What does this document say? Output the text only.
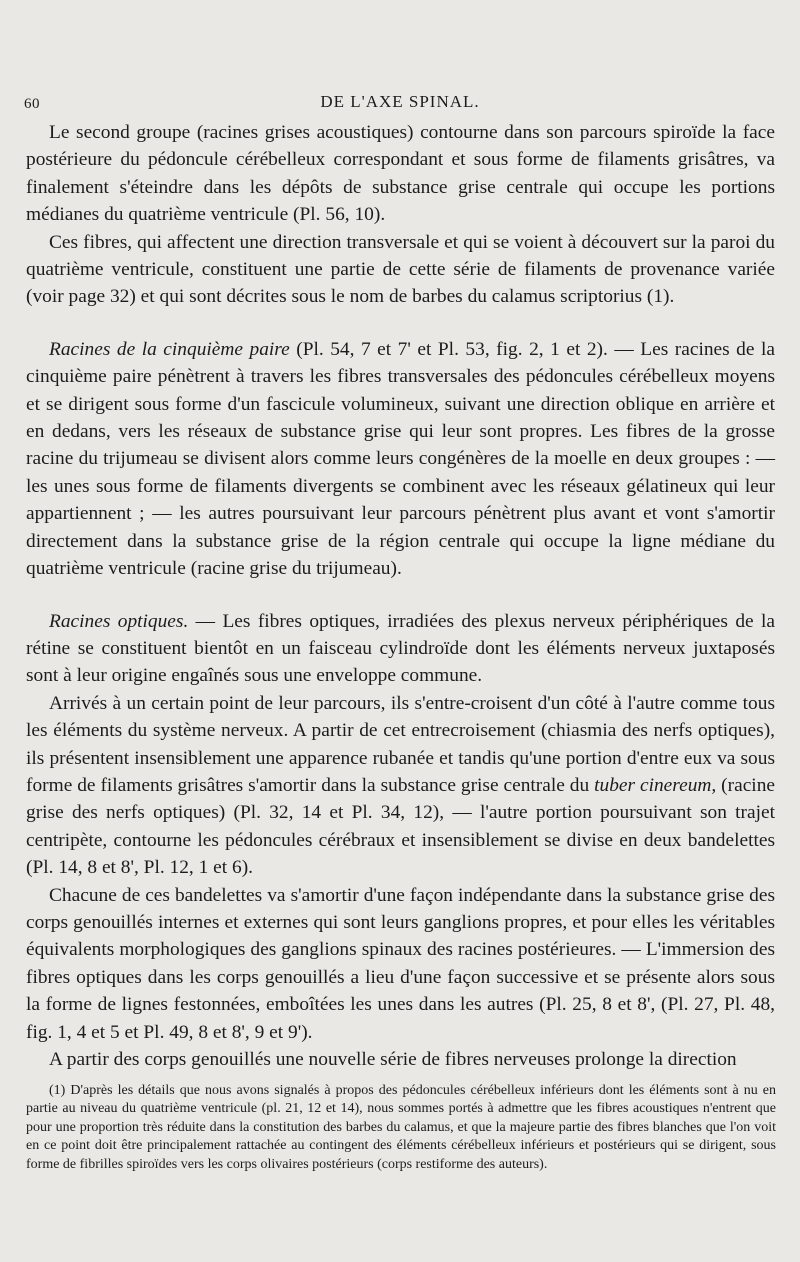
60	DE L'AXE SPINAL.

Le second groupe (racines grises acoustiques) contourne dans son parcours spiroïde la face postérieure du pédoncule cérébelleux correspondant et sous forme de filaments grisâtres, va finalement s'éteindre dans les dépôts de substance grise centrale qui occupe les portions médianes du quatrième ventricule (Pl. 56, 10).

Ces fibres, qui affectent une direction transversale et qui se voient à découvert sur la paroi du quatrième ventricule, constituent une partie de cette série de filaments de provenance variée (voir page 32) et qui sont décrites sous le nom de barbes du calamus scriptorius (1).

Racines de la cinquième paire (Pl. 54, 7 et 7' et Pl. 53, fig. 2, 1 et 2). — Les racines de la cinquième paire pénètrent à travers les fibres transversales des pédoncules cérébelleux moyens et se dirigent sous forme d'un fascicule volumineux, suivant une direction oblique en arrière et en dedans, vers les réseaux de substance grise qui leur sont propres. Les fibres de la grosse racine du trijumeau se divisent alors comme leurs congénères de la moelle en deux groupes : — les unes sous forme de filaments divergents se combinent avec les réseaux gélatineux qui leur appartiennent ; — les autres poursuivant leur parcours pénètrent plus avant et vont s'amortir directement dans la substance grise de la région centrale qui occupe la ligne médiane du quatrième ventricule (racine grise du trijumeau).

Racines optiques. — Les fibres optiques, irradiées des plexus nerveux périphériques de la rétine se constituent bientôt en un faisceau cylindroïde dont les éléments nerveux juxtaposés sont à leur origine engaînés sous une enveloppe commune.

Arrivés à un certain point de leur parcours, ils s'entre-croisent d'un côté à l'autre comme tous les éléments du système nerveux. A partir de cet entrecroisement (chiasmia des nerfs optiques), ils présentent insensiblement une apparence rubanée et tandis qu'une portion d'entre eux va sous forme de filaments grisâtres s'amortir dans la substance grise centrale du tuber cinereum, (racine grise des nerfs optiques) (Pl. 32, 14 et Pl. 34, 12), — l'autre portion poursuivant son trajet centripète, contourne les pédoncules cérébraux et insensiblement se divise en deux bandelettes (Pl. 14, 8 et 8', Pl. 12, 1 et 6).

Chacune de ces bandelettes va s'amortir d'une façon indépendante dans la substance grise des corps genouillés internes et externes qui sont leurs ganglions propres, et pour elles les véritables équivalents morphologiques des ganglions spinaux des racines postérieures. — L'immersion des fibres optiques dans les corps genouillés a lieu d'une façon successive et se présente alors sous la forme de lignes festonnées, emboîtées les unes dans les autres (Pl. 25, 8 et 8', (Pl. 27, Pl. 48, fig. 1, 4 et 5 et Pl. 49, 8 et 8', 9 et 9').

A partir des corps genouillés une nouvelle série de fibres nerveuses prolonge la direction

(1) D'après les détails que nous avons signalés à propos des pédoncules cérébelleux inférieurs dont les éléments sont à nu en partie au niveau du quatrième ventricule (pl. 21, 12 et 14), nous sommes portés à admettre que les fibres acoustiques n'entrent que pour une proportion très réduite dans la constitution des barbes du calamus, et que la majeure partie des fibres blanches que l'on voit en ce point doit être principalement rattachée au contingent des éléments cérébelleux inférieurs et postérieurs qui se dirigent, sous forme de fibrilles spiroïdes vers les corps olivaires postérieurs (corps restiforme des auteurs).
